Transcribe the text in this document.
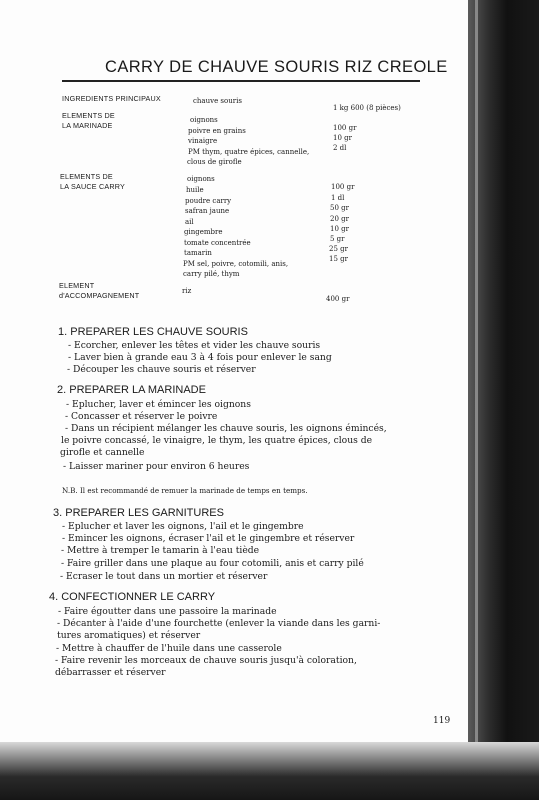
CARRY DE CHAUVE SOURIS RIZ CREOLE
INGREDIENTS PRINCIPAUX	chauve souris
1 kg 600 (8 pièces)
ELEMENTS DE
LA MARINADE
oignons
poivre en grains
vinaigre
PM thym, quatre épices, cannelle,
clous de girofle
100 gr
10 gr
2 dl
ELEMENTS DE
LA SAUCE CARRY
oignons
huile
poudre carry
safran jaune
ail
gingembre
tomate concentrée
tamarin
PM sel, poivre, cotomili, anis,
carry pilé, thym
100 gr
1 dl
50 gr
20 gr
10 gr
5 gr
25 gr
15 gr
ELEMENT
d'ACCOMPAGNEMENT	riz
400 gr
1. PREPARER LES CHAUVE SOURIS
- Ecorcher, enlever les têtes et vider les chauve souris
- Laver bien à grande eau 3 à 4 fois pour enlever le sang
- Découper les chauve souris et réserver
2. PREPARER LA MARINADE
- Eplucher, laver et émincer les oignons
- Concasser et réserver le poivre
- Dans un récipient mélanger les chauve souris, les oignons émincés,
le poivre concassé, le vinaigre, le thym, les quatre épices, clous de
girofle et cannelle
- Laisser mariner pour environ 6 heures
N.B. Il est recommandé de remuer la marinade de temps en temps.
3. PREPARER LES GARNITURES
- Eplucher et laver les oignons, l'ail et le gingembre
- Emincer les oignons, écraser l'ail et le gingembre et réserver
- Mettre à tremper le tamarin à l'eau tiède
- Faire griller dans une plaque au four cotomili, anis et carry pilé
- Ecraser le tout dans un mortier et réserver
4. CONFECTIONNER LE CARRY
- Faire égoutter dans une passoire la marinade
- Décanter à l'aide d'une fourchette (enlever la viande dans les garni-
tures aromatiques) et réserver
- Mettre à chauffer de l'huile dans une casserole
- Faire revenir les morceaux de chauve souris jusqu'à coloration,
débarrasser et réserver
119
